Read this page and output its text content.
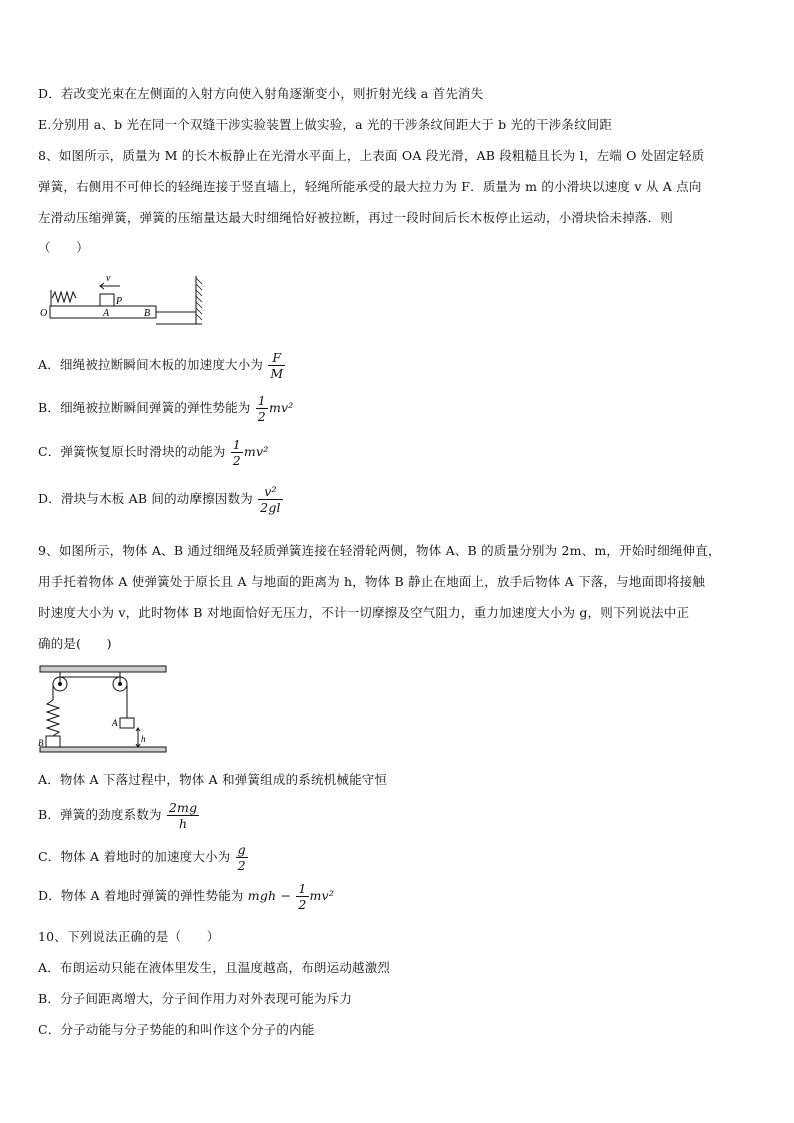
D．若改变光束在左侧面的入射方向使入射角逐渐变小，则折射光线 a 首先消失
E.分别用 a、b 光在同一个双缝干涉实验装置上做实验，a 光的干涉条纹间距大于 b 光的干涉条纹间距
8、如图所示，质量为 M 的长木板静止在光滑水平面上，上表面 OA 段光滑，AB 段粗糙且长为 l，左端 O 处固定轻质
弹簧，右侧用不可伸长的轻绳连接于竖直墙上，轻绳所能承受的最大拉力为 F．质量为 m 的小滑块以速度 v 从 A 点向
左滑动压缩弹簧，弹簧的压缩量达最大时细绳恰好被拉断，再过一段时间后长木板停止运动，小滑块恰未掉落．则
（　　）
v
P
O	A	B
A．细绳被拉断瞬间木板的加速度大小为 $\frac{F}{M}$
B．细绳被拉断瞬间弹簧的弹性势能为 $\frac{1}{2} mv^2$
C．弹簧恢复原长时滑块的动能为 $\frac{1}{2} mv^2$
D．滑块与木板 AB 间的动摩擦因数为 $\frac{\text{v²}}{2gl}$
9、如图所示，物体 A、B 通过细绳及轻质弹簧连接在轻滑轮两侧，物体 A、B 的质量分别为 2m、m，开始时细绳伸直，
用手托着物体 A 使弹簧处于原长且 A 与地面的距离为 h，物体 B 静止在地面上，放手后物体 A 下落，与地面即将接触
时速度大小为 v，此时物体 B 对地面恰好无压力，不计一切摩擦及空气阻力，重力加速度大小为 g，则下列说法中正
确的是(　　)
A
B	h
A．物体 A 下落过程中，物体 A 和弹簧组成的系统机械能守恒
B．弹簧的劲度系数为 $\frac{2mg}{h}$
C．物体 A 着地时的加速度大小为 $\frac{g}{2}$
D．物体 A 着地时弹簧的弹性势能为 mgh − $\frac{1}{2} mv^2$
10、下列说法正确的是（　　）
A．布朗运动只能在液体里发生，且温度越高，布朗运动越激烈
B．分子间距离增大，分子间作用力对外表现可能为斥力
C．分子动能与分子势能的和叫作这个分子的内能
